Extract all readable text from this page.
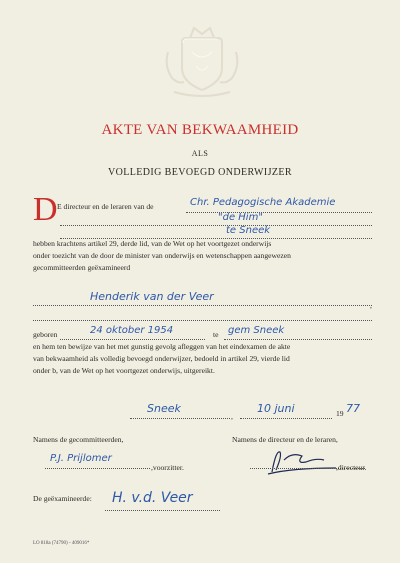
AKTE VAN BEKWAAMHEID
ALS
VOLLEDIG BEVOEGD ONDERWIJZER
D E directeur en de leraren van de	Chr. Pedagogische Akademie
"de Him"
te Sneek
hebben krachtens artikel 29, derde lid, van de Wet op het voortgezet onderwijs
onder toezicht van de door de minister van onderwijs en wetenschappen aangewezen
gecommitteerden geëxamineerd
Henderik van der Veer
,
geboren	24 oktober 1954	te gem Sneek
en hem ten bewijze van het met gunstig gevolg afleggen van het eindexamen de akte
van bekwaamheid als volledig bevoegd onderwijzer, bedoeld in artikel 29, vierde lid
onder b, van de Wet op het voortgezet onderwijs, uitgereikt.
Sneek
,
10 juni	19 77
Namens de gecommitteerden,	Namens de directeur en de leraren,
P.J. Prijlomer
,voorzitter.	,directeur.
De geëxamineerde: H. v.d. Veer
LO 818a (74790) - 409016*
